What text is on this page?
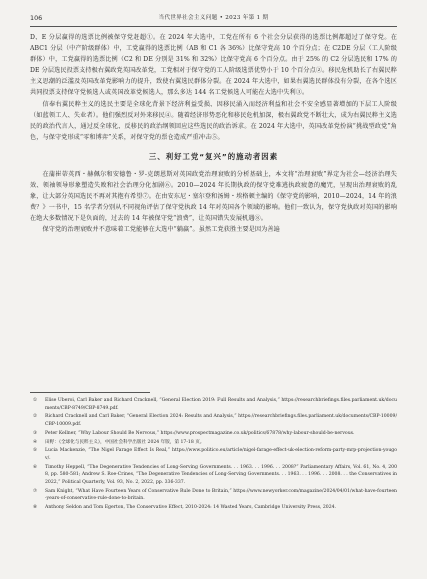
106	当代世界社会主义问题 • 2023 年第 1 期

D、E 分层赢得的选票比例被保守党赶超①。在 2024 年大选中，工党在所有 6 个社会分层获得的选票比例都超过了保守党。在 ABC1 分层（中产阶级群体）中，工党赢得的选票比例（AB 和 C1 各 36%）比保守党高 10 个百分点；在 C2DE 分层（工人阶级群体）中，工党赢得的选票比例（C2 和 DE 分别是 31% 和 32%）比保守党高 6 个百分点。由于 25% 的 C2 分层选民和 17% 的 DE 分层选民投票支持极右翼政党英国改革党，工党相对于保守党的工人阶级选票优势小于 10 个百分点②。移民危机助长了右翼民粹主义思潮的泛滥及英国改革党影响力的提升，致使右翼选民群体分裂。在 2024 年大选中，如果右翼选民群体没有分裂，在各个选区共同投票支持保守党候选人或英国改革党候选人，那么多达 144 名工党候选人可能在大选中失利③。

信奉右翼民粹主义的选民主要是全球化背景下经济利益受损、因移民涌入而经济利益和社会不安全感显著增加的下层工人阶级（如蓝领工人、失业者）。他们强烈反对外来移民④。随着经济形势恶化和移民危机加深，极右翼政党不断壮大，成为右翼民粹主义选民的政治代言人，通过反全球化、反移民的政治纲领回应这些选民的政治诉求。在 2024 年大选中，英国改革党扮演“挑战型政党”角色，与保守党形成“零和博弈”关系，对保守党的票仓造成严重冲击⑤。

三、利好工党“复兴”的施动者因素

在蒲崔蒂英西・赫佩尔和安德鲁・罗-克朗恩斯对英国政党治理衰败的分析基础上，本文将“治理衰败”界定为社会—经济治理失效、领袖领导形象塑造失败和社会治理分化加剧⑥。2010—2024 年长期执政的保守党难逃执政疲惫的魔咒，呈现出治理衰败的乱象，让大部分英国选民不再对其抱有希望⑦。在由安东尼・塞尔登和汤姆・埃格顿主编的《保守党的影响，2010—2024，14 年的浪费？》一书中，15 名学者分别从不同视角评估了保守党执政 14 年对英国各个领域的影响。他们一致认为，保守党执政对英国的影响在绝大多数情况下是负面的，过去的 14 年被保守党“浪费”，让英国错失发展机遇⑧。

保守党的治理衰败并不意味着工党能够在大选中“躺赢”。虽然工党获胜主要是因为善遍

①	Elise Uberoi, Carl Baker and Richard Cracknell, “General Election 2019: Full Results and Analysis,” https://researchbriefings.files.parliament.uk/documents/CBP-8749/CBP-8749.pdf.
②	Richard Cracknell and Carl Baker, “General Election 2024: Results and Analysis,” https://researchbriefings.files.parliament.uk/documents/CBP-10009/CBP-10009.pdf.
③	Peter Kellner, “Why Labour Should Be Nervous,” https://www.prospectmagazine.co.uk/politics/67878/why-labour-should-be-nervous.
④	田野：《全球化与民粹主义》，中国社会科学出版社 2024 年版，第 17-18 页。
⑤	Lucia Mackenzie, “The Nigel Farage Effect Is Real,” https://www.politico.eu/article/nigel-farage-effect-uk-election-reform-party-mrp-projection-yougov/.
⑥	Timothy Heppell, “The Degenerative Tendencies of Long-Serving Governments. . . 1963. . . 1996. . . 2008?” Parliamentary Affairs, Vol. 61, No. 4, 2008, pp. 580-581; Andrew S. Roe-Crines, “The Degenerative Tendencies of Long-Serving Governments. . . 1963. . . 1996. . . 2008. . . the Conservatives in 2022,” Political Quarterly, Vol. 93, No. 2, 2022, pp. 336-337.
⑦	Sam Knight, “What Have Fourteen Years of Conservative Rule Done to Britain,” https://www.newyorker.com/magazine/2024/04/01/what-have-fourteen-years-of-conservative-rule-done-to-britain.
⑧	Anthony Seldon and Tom Egerton, The Conservative Effect, 2010-2024: 14 Wasted Years, Cambridge University Press, 2024.
